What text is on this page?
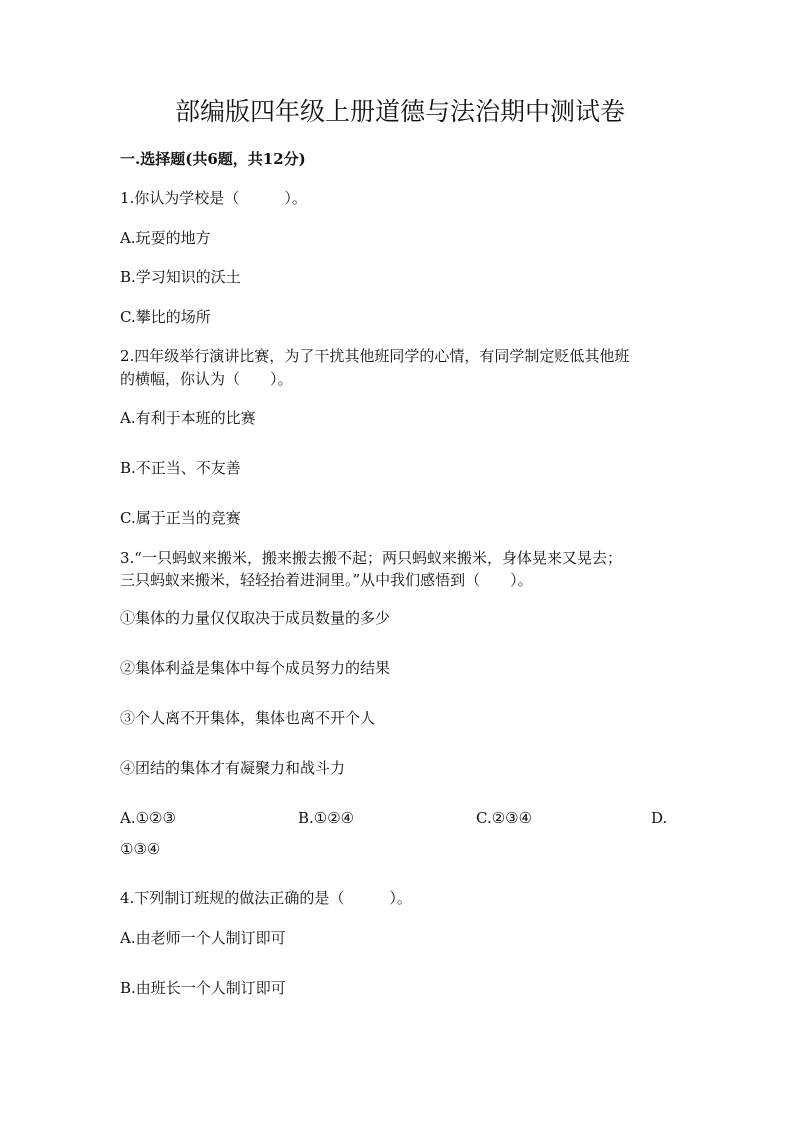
部编版四年级上册道德与法治期中测试卷

一.选择题(共6题，共12分)

1.你认为学校是（　　　）。

A.玩耍的地方

B.学习知识的沃土

C.攀比的场所

2.四年级举行演讲比赛，为了干扰其他班同学的心情，有同学制定贬低其他班

的横幅，你认为（　　）。

A.有利于本班的比赛

B.不正当、不友善

C.属于正当的竞赛

3.“一只蚂蚁来搬米，搬来搬去搬不起；两只蚂蚁来搬米，身体晃来又晃去；

三只蚂蚁来搬米，轻轻抬着进洞里。”从中我们感悟到（　　）。

①集体的力量仅仅取决于成员数量的多少

②集体利益是集体中每个成员努力的结果

③个人离不开集体，集体也离不开个人

④团结的集体才有凝聚力和战斗力

A.①②③	B.①②④	C.②③④	D.

①③④

4.下列制订班规的做法正确的是（　　　）。

A.由老师一个人制订即可

B.由班长一个人制订即可
